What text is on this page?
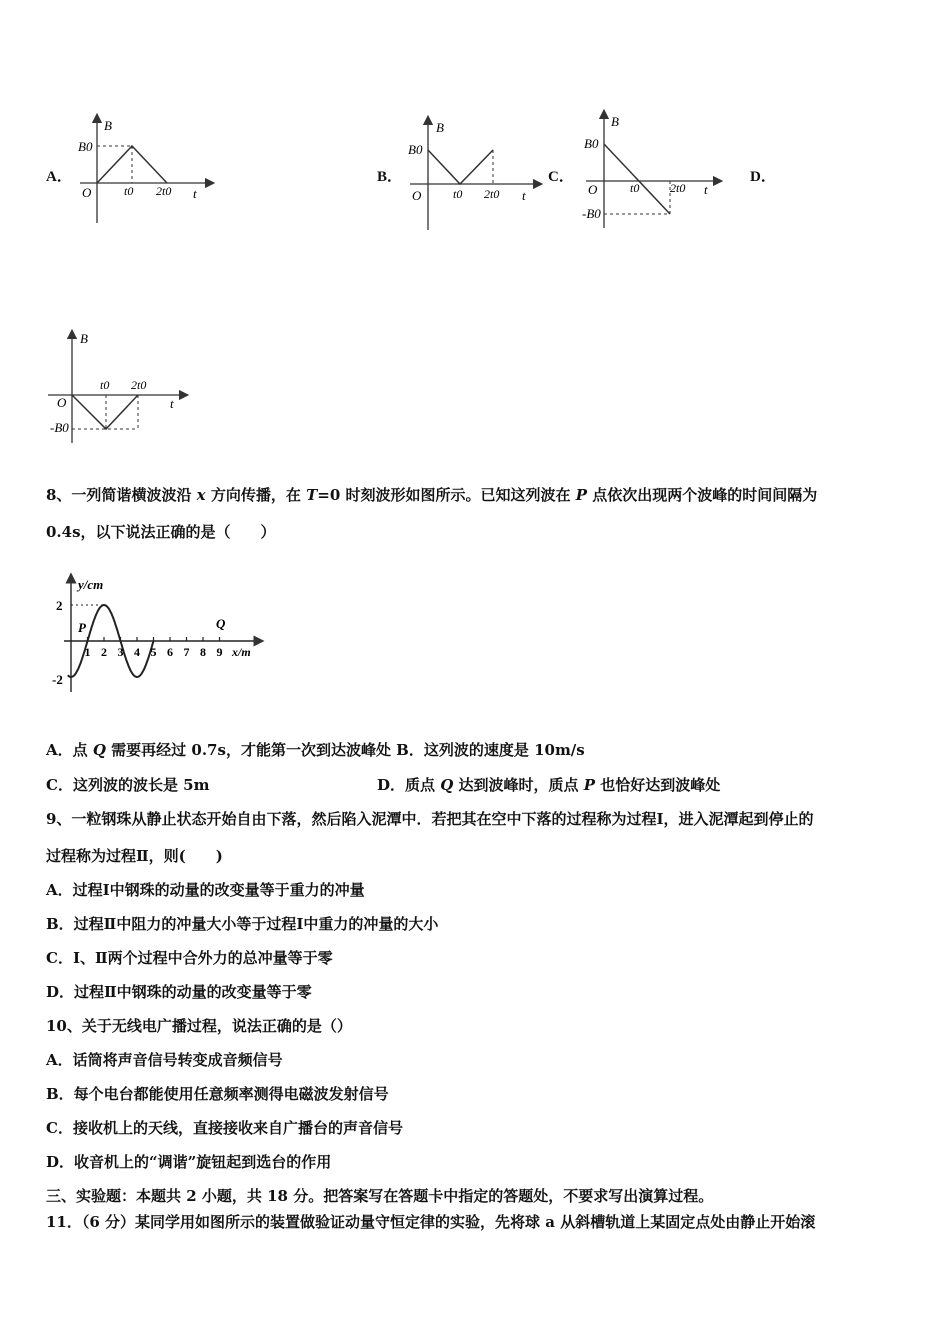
A．
B
B0
O	t0 2t0 t
B．
B
B0
O	t0 2t0 t
C．
B
B0
O	t0	2t0 t
-B0
D．
B
t0 2t0
O	t
-B0
8、一列简谐横波波沿 x 方向传播，在 T=0 时刻波形如图所示。已知这列波在 P 点依次出现两个波峰的时间间隔为
0.4s，以下说法正确的是（　　）
y/cm
2
-2
P	Q
x/m
1 2 3 4 5 6 7 8 9
A．点 Q 需要再经过 0.7s，才能第一次到达波峰处 B．这列波的速度是 10m/s
C．这列波的波长是 5m	D．质点 Q 达到波峰时，质点 P 也恰好达到波峰处
9、一粒钢珠从静止状态开始自由下落，然后陷入泥潭中．若把其在空中下落的过程称为过程Ⅰ，进入泥潭起到停止的
过程称为过程Ⅱ，则(　　)
A．过程Ⅰ中钢珠的动量的改变量等于重力的冲量
B．过程Ⅱ中阻力的冲量大小等于过程Ⅰ中重力的冲量的大小
C．Ⅰ、Ⅱ两个过程中合外力的总冲量等于零
D．过程Ⅱ中钢珠的动量的改变量等于零
10、关于无线电广播过程，说法正确的是（）
A．话筒将声音信号转变成音频信号
B．每个电台都能使用任意频率测得电磁波发射信号
C．接收机上的天线，直接接收来自广播台的声音信号
D．收音机上的“调谐”旋钮起到选台的作用
三、实验题：本题共 2 小题，共 18 分。把答案写在答题卡中指定的答题处，不要求写出演算过程。
11．（6 分）某同学用如图所示的装置做验证动量守恒定律的实验，先将球 a 从斜槽轨道上某固定点处由静止开始滚
